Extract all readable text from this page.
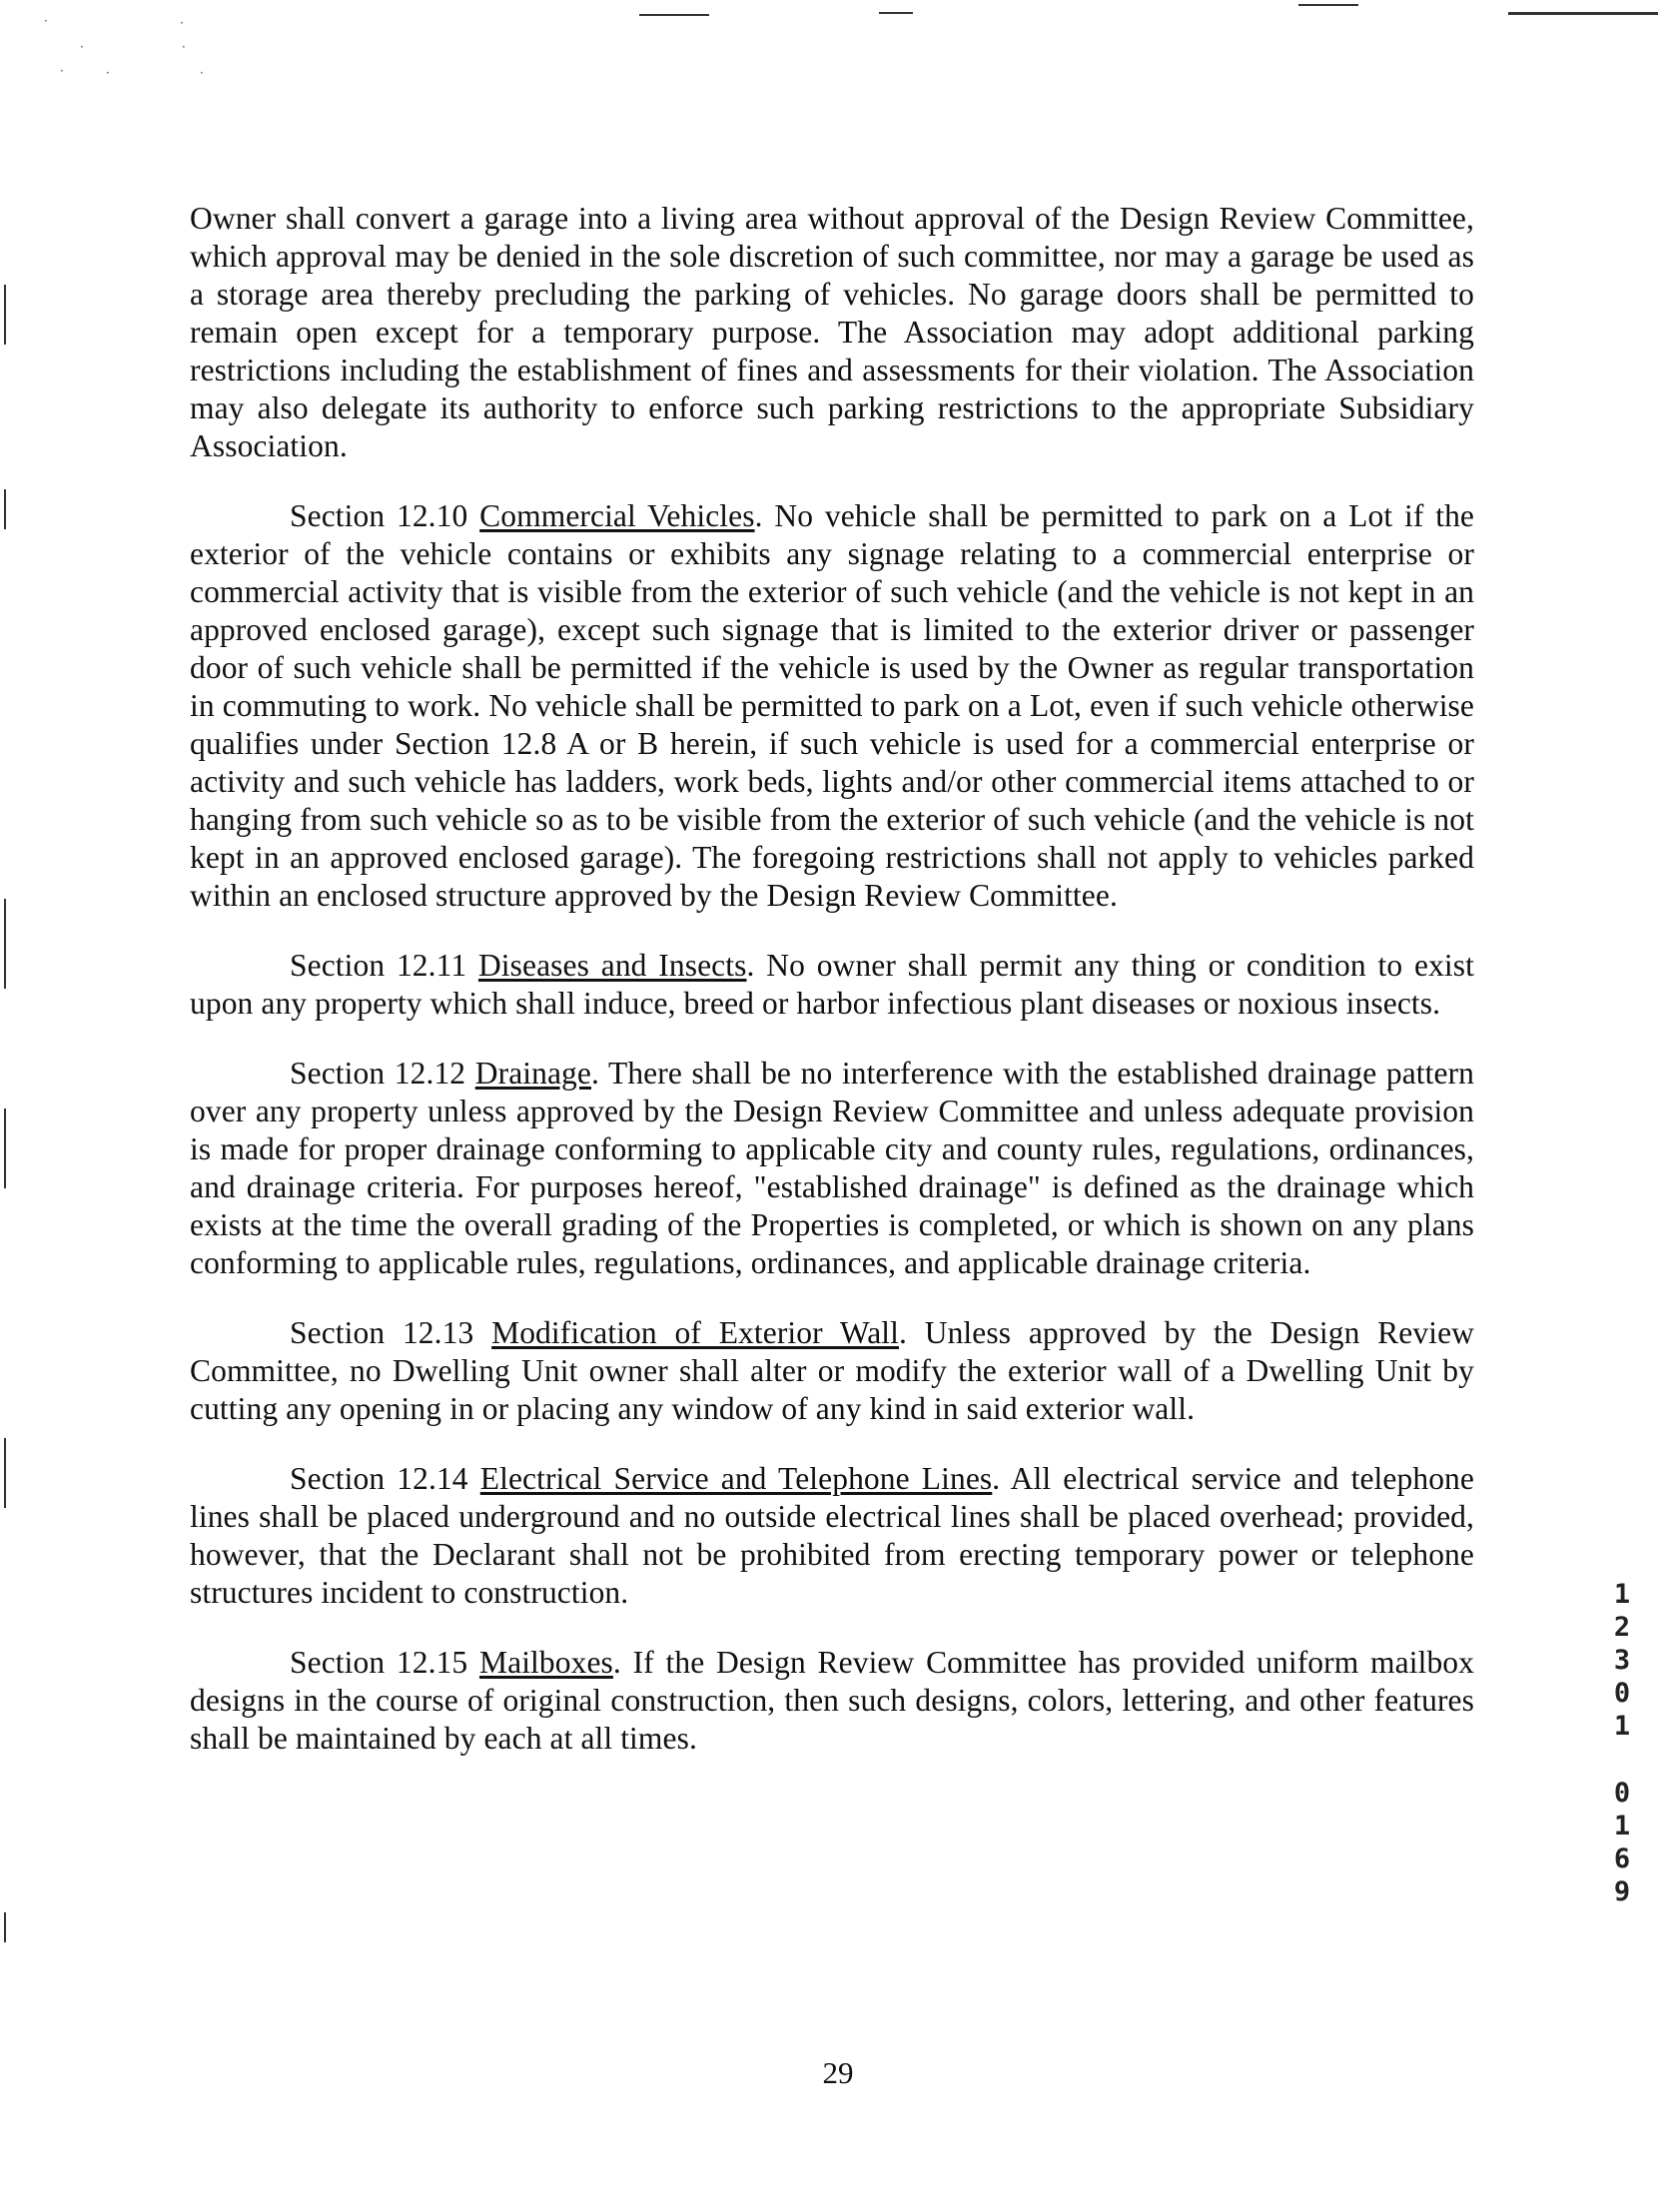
·	·
·	·
·	·	·

Owner shall convert a garage into a living area without approval of the Design Review Committee, which approval may be denied in the sole discretion of such committee, nor may a garage be used as a storage area thereby precluding the parking of vehicles. No garage doors shall be permitted to remain open except for a temporary purpose. The Association may adopt additional parking restrictions including the establishment of fines and assessments for their violation. The Association may also delegate its authority to enforce such parking restrictions to the appropriate Subsidiary Association.

Section 12.10 Commercial Vehicles. No vehicle shall be permitted to park on a Lot if the exterior of the vehicle contains or exhibits any signage relating to a commercial enterprise or commercial activity that is visible from the exterior of such vehicle (and the vehicle is not kept in an approved enclosed garage), except such signage that is limited to the exterior driver or passenger door of such vehicle shall be permitted if the vehicle is used by the Owner as regular transportation in commuting to work. No vehicle shall be permitted to park on a Lot, even if such vehicle otherwise qualifies under Section 12.8 A or B herein, if such vehicle is used for a commercial enterprise or activity and such vehicle has ladders, work beds, lights and/or other commercial items attached to or hanging from such vehicle so as to be visible from the exterior of such vehicle (and the vehicle is not kept in an approved enclosed garage). The foregoing restrictions shall not apply to vehicles parked within an enclosed structure approved by the Design Review Committee.

Section 12.11 Diseases and Insects. No owner shall permit any thing or condition to exist upon any property which shall induce, breed or harbor infectious plant diseases or noxious insects.

Section 12.12 Drainage. There shall be no interference with the established drainage pattern over any property unless approved by the Design Review Committee and unless adequate provision is made for proper drainage conforming to applicable city and county rules, regulations, ordinances, and drainage criteria. For purposes hereof, "established drainage" is defined as the drainage which exists at the time the overall grading of the Properties is completed, or which is shown on any plans conforming to applicable rules, regulations, ordinances, and applicable drainage criteria.

Section 12.13 Modification of Exterior Wall. Unless approved by the Design Review Committee, no Dwelling Unit owner shall alter or modify the exterior wall of a Dwelling Unit by cutting any opening in or placing any window of any kind in said exterior wall.

Section 12.14 Electrical Service and Telephone Lines. All electrical service and telephone lines shall be placed underground and no outside electrical lines shall be placed overhead; provided, however, that the Declarant shall not be prohibited from erecting temporary power or telephone structures incident to construction.

Section 12.15 Mailboxes. If the Design Review Committee has provided uniform mailbox designs in the course of original construction, then such designs, colors, lettering, and other features shall be maintained by each at all times.

1
2
3
0
1
0
1
6
9
29
